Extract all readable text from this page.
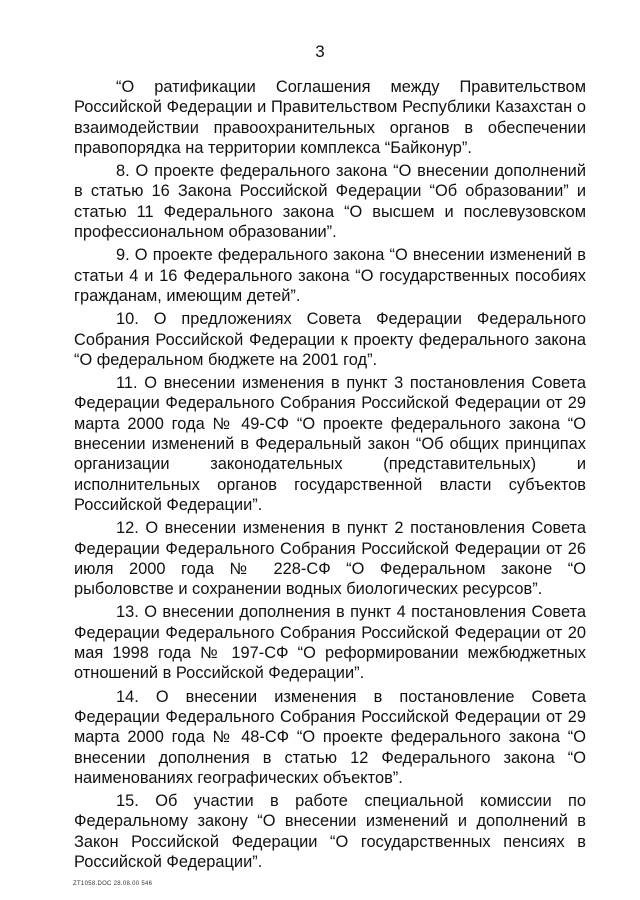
3

“О ратификации Соглашения между Правительством Российской Федерации и Правительством Республики Казахстан о взаимодействии правоохранительных органов в обеспечении правопорядка на территории комплекса “Байконур”.

8. О проекте федерального закона “О внесении дополнений в статью 16 Закона Российской Федерации “Об образовании” и статью 11 Федерального закона “О высшем и послевузовском профессиональном образовании”.

9. О проекте федерального закона “О внесении изменений в статьи 4 и 16 Федерального закона “О государственных пособиях гражданам, имеющим детей”.

10. О предложениях Совета Федерации Федерального Собрания Российской Федерации к проекту федерального закона “О федеральном бюджете на 2001 год”.

11. О внесении изменения в пункт 3 постановления Совета Федерации Федерального Собрания Российской Федерации от 29 марта 2000 года № 49-СФ “О проекте федерального закона “О внесении изменений в Федеральный закон “Об общих принципах организации законодательных (представительных) и исполнительных органов государственной власти субъектов Российской Федерации”.

12. О внесении изменения в пункт 2 постановления Совета Федерации Федерального Собрания Российской Федерации от 26 июля 2000 года № 228-СФ “О Федеральном законе “О рыболовстве и сохранении водных биологических ресурсов”.

13. О внесении дополнения в пункт 4 постановления Совета Федерации Федерального Собрания Российской Федерации от 20 мая 1998 года № 197-СФ “О реформировании межбюджетных отношений в Российской Федерации”.

14. О внесении изменения в постановление Совета Федерации Федерального Собрания Российской Федерации от 29 марта 2000 года № 48-СФ “О проекте федерального закона “О внесении дополнения в статью 12 Федерального закона “О наименованиях географических объектов”.

15. Об участии в работе специальной комиссии по Федеральному закону “О внесении изменений и дополнений в Закон Российской Федерации “О государственных пенсиях в Российской Федерации”.

ZT1058.DOC 28.08.00 546
